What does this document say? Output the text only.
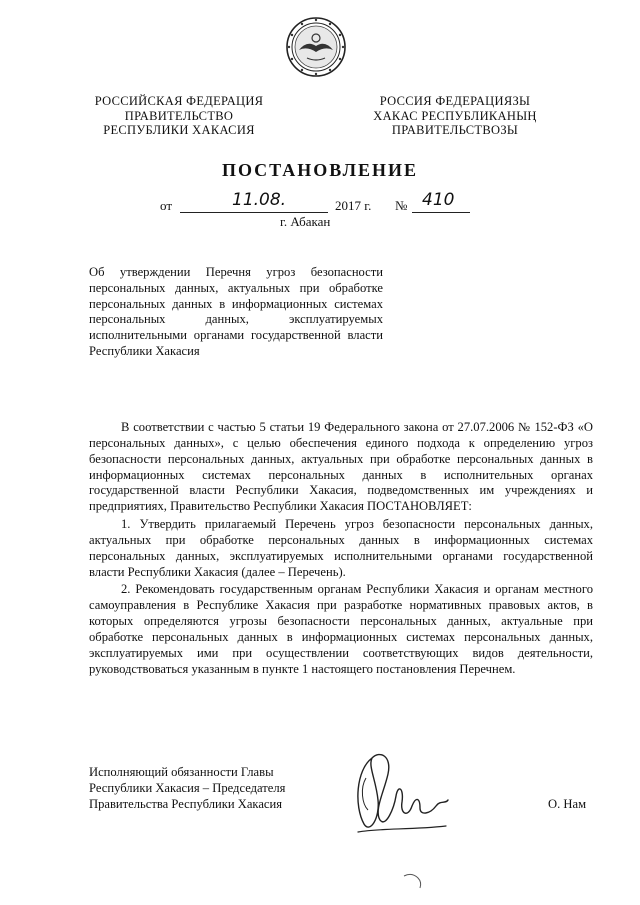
РОССИЙСКАЯ ФЕДЕРАЦИЯ
ПРАВИТЕЛЬСТВО
РЕСПУБЛИКИ ХАКАСИЯ
РОССИЯ ФЕДЕРАЦИЯЗЫ
ХАКАС РЕСПУБЛИКАНЫҢ
ПРАВИТЕЛЬСТВОЗЫ
ПОСТАНОВЛЕНИЕ
от	11.08.	2017 г. № 410
г. Абакан
Об утверждении Перечня угроз безопасности персональных данных, актуальных при обработке персональных данных в информационных системах персональных данных, эксплуатируемых исполнительными органами государственной власти Республики Хакасия

В соответствии с частью 5 статьи 19 Федерального закона от 27.07.2006 № 152-ФЗ «О персональных данных», с целью обеспечения единого подхода к определению угроз безопасности персональных данных, актуальных при обработке персональных данных в информационных системах персональных данных в исполнительных органах государственной власти Республики Хакасия, подведомственных им учреждениях и предприятиях, Правительство Республики Хакасия ПОСТАНОВЛЯЕТ:

1. Утвердить прилагаемый Перечень угроз безопасности персональных данных, актуальных при обработке персональных данных в информационных системах персональных данных, эксплуатируемых исполнительными органами государственной власти Республики Хакасия (далее – Перечень).

2. Рекомендовать государственным органам Республики Хакасия и органам местного самоуправления в Республике Хакасия при разработке нормативных правовых актов, в которых определяются угрозы безопасности персональных данных, актуальные при обработке персональных данных в информационных системах персональных данных, эксплуатируемых ими при осуществлении соответствующих видов деятельности, руководствоваться указанным в пункте 1 настоящего постановления Перечнем.

Исполняющий обязанности Главы
Республики Хакасия – Председателя
Правительства Республики Хакасия	О. Нам
